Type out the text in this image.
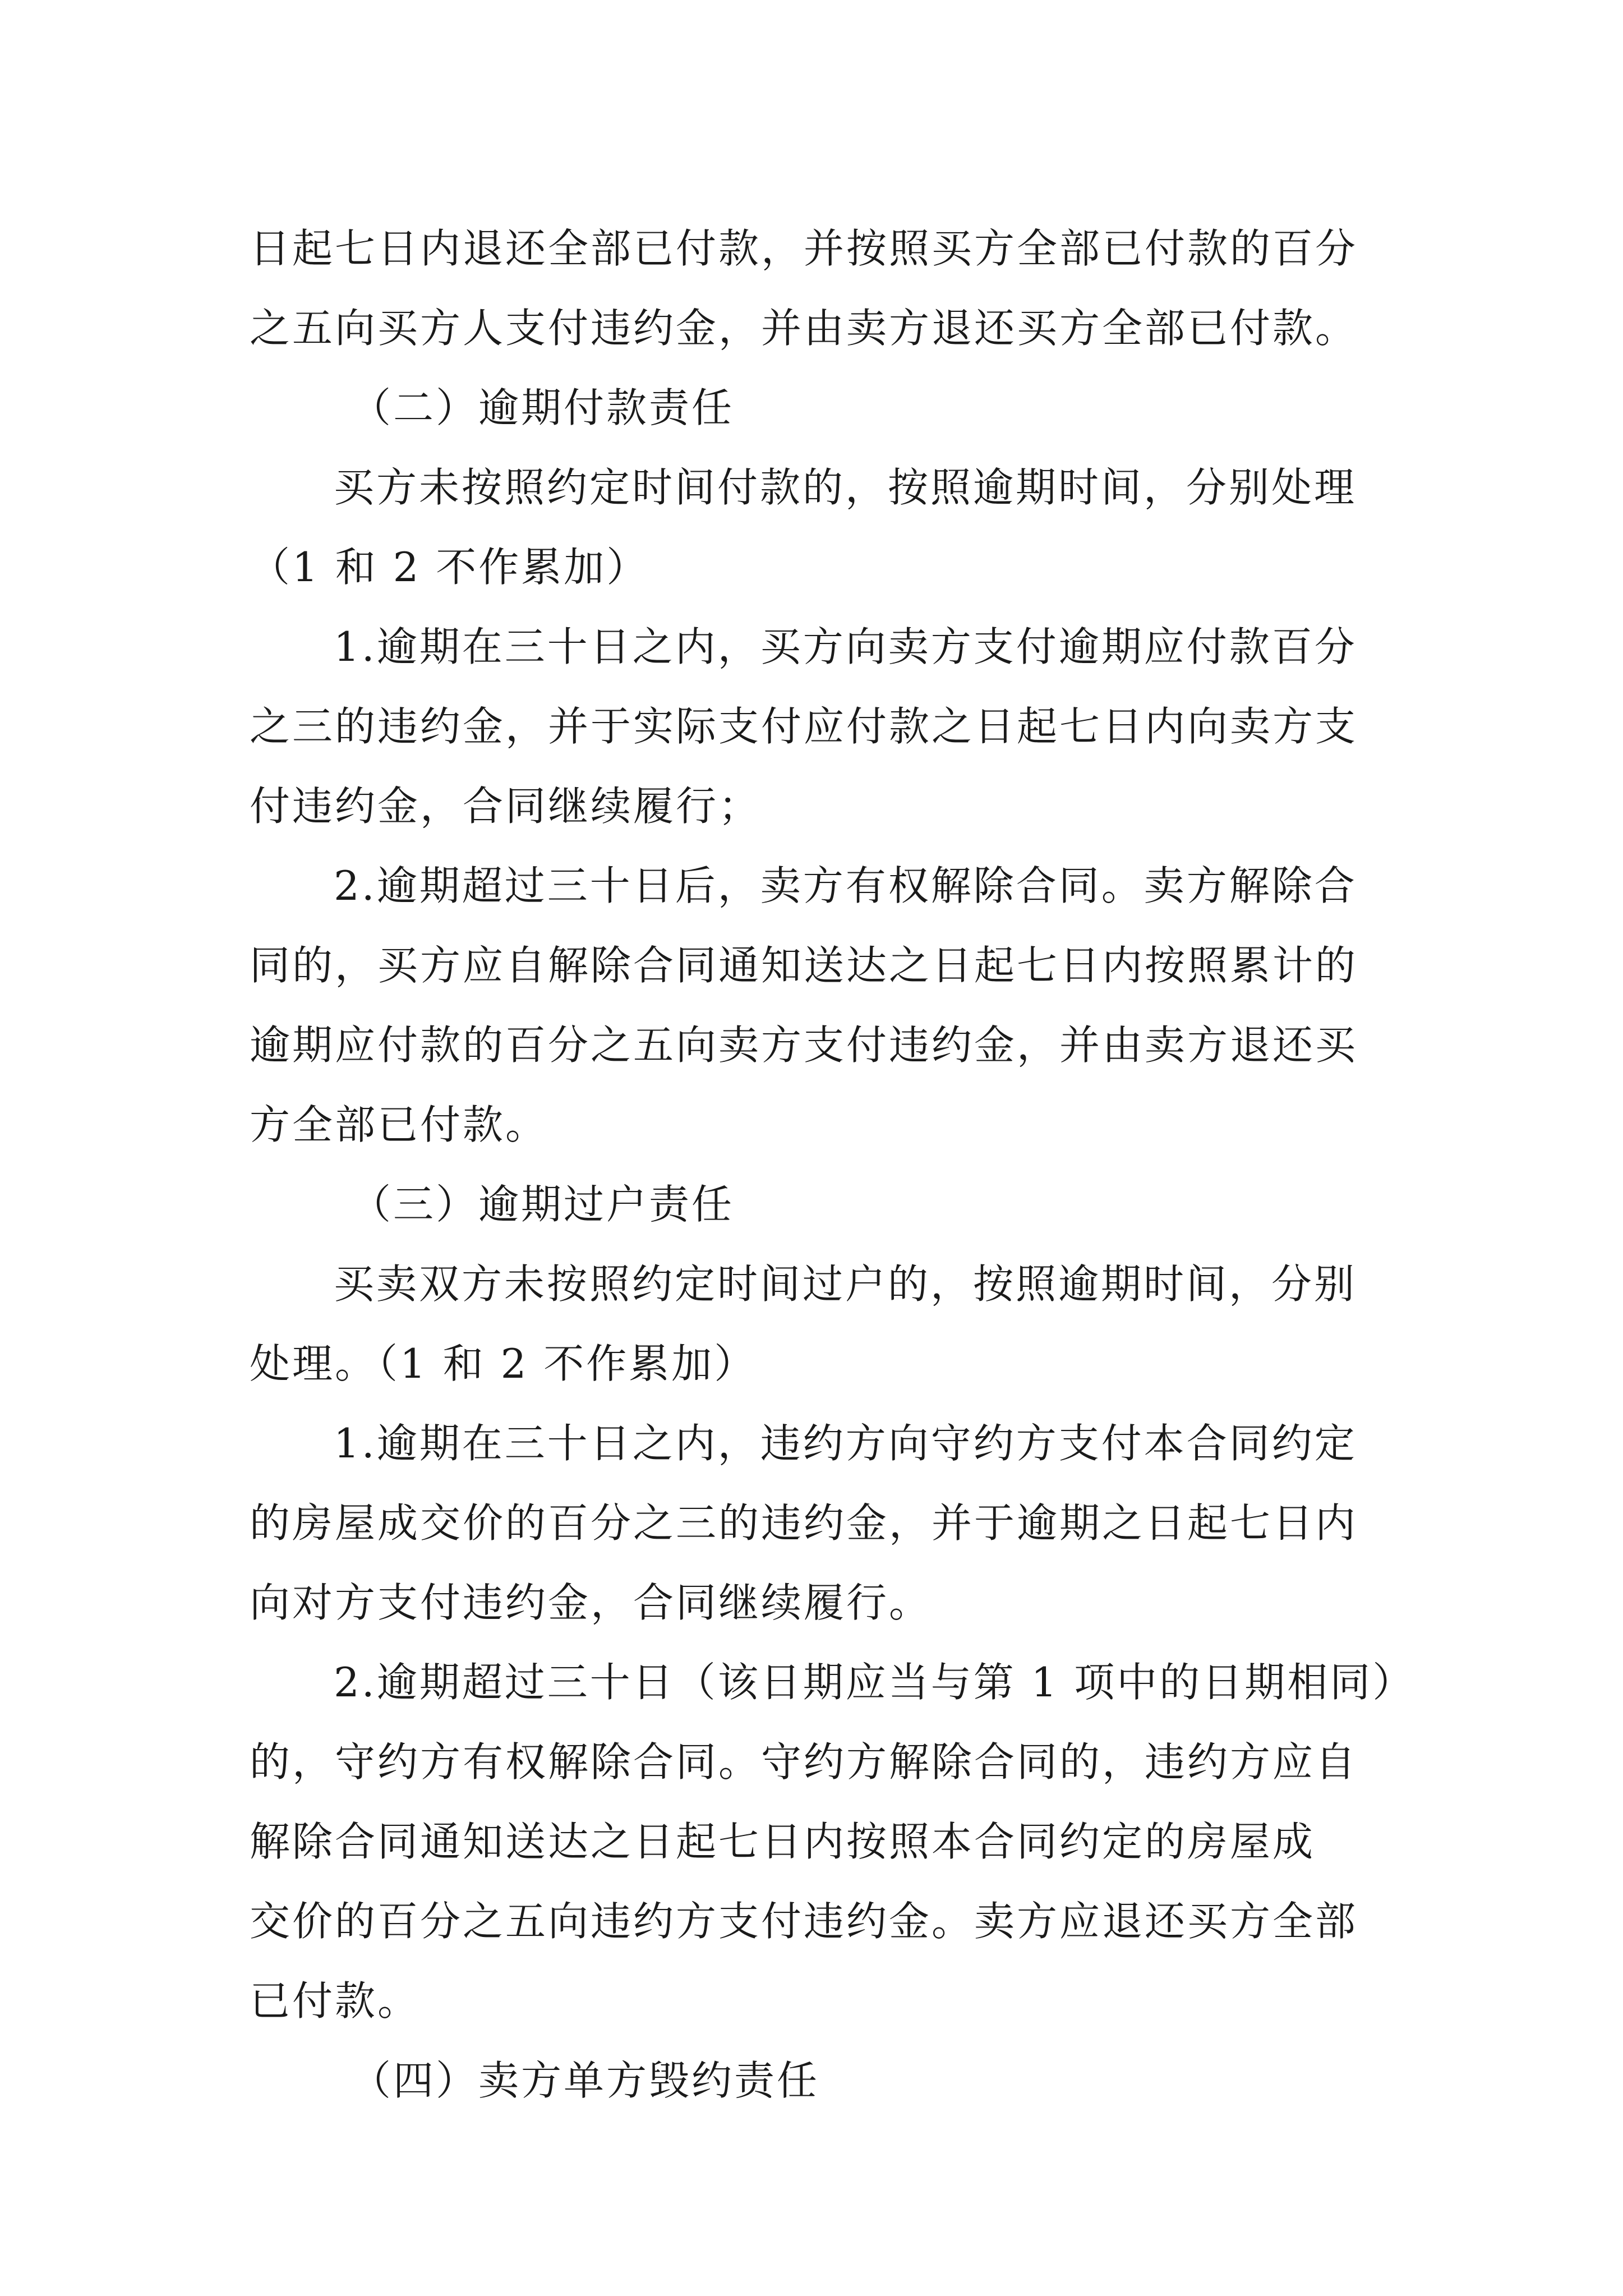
日起七日内退还全部已付款，并按照买方全部已付款的百分
之五向买方人支付违约金，并由卖方退还买方全部已付款。
（二）逾期付款责任
买方未按照约定时间付款的，按照逾期时间，分别处理
（1 和 2 不作累加）
1.逾期在三十日之内，买方向卖方支付逾期应付款百分
之三的违约金，并于实际支付应付款之日起七日内向卖方支
付违约金，合同继续履行；
2.逾期超过三十日后，卖方有权解除合同。卖方解除合
同的，买方应自解除合同通知送达之日起七日内按照累计的
逾期应付款的百分之五向卖方支付违约金，并由卖方退还买
方全部已付款。
（三）逾期过户责任
买卖双方未按照约定时间过户的，按照逾期时间，分别
处理。（1 和 2 不作累加）
1.逾期在三十日之内，违约方向守约方支付本合同约定
的房屋成交价的百分之三的违约金，并于逾期之日起七日内
向对方支付违约金，合同继续履行。
2.逾期超过三十日（该日期应当与第 1 项中的日期相同）
的，守约方有权解除合同。守约方解除合同的，违约方应自
解除合同通知送达之日起七日内按照本合同约定的房屋成
交价的百分之五向违约方支付违约金。卖方应退还买方全部
已付款。
（四）卖方单方毁约责任
